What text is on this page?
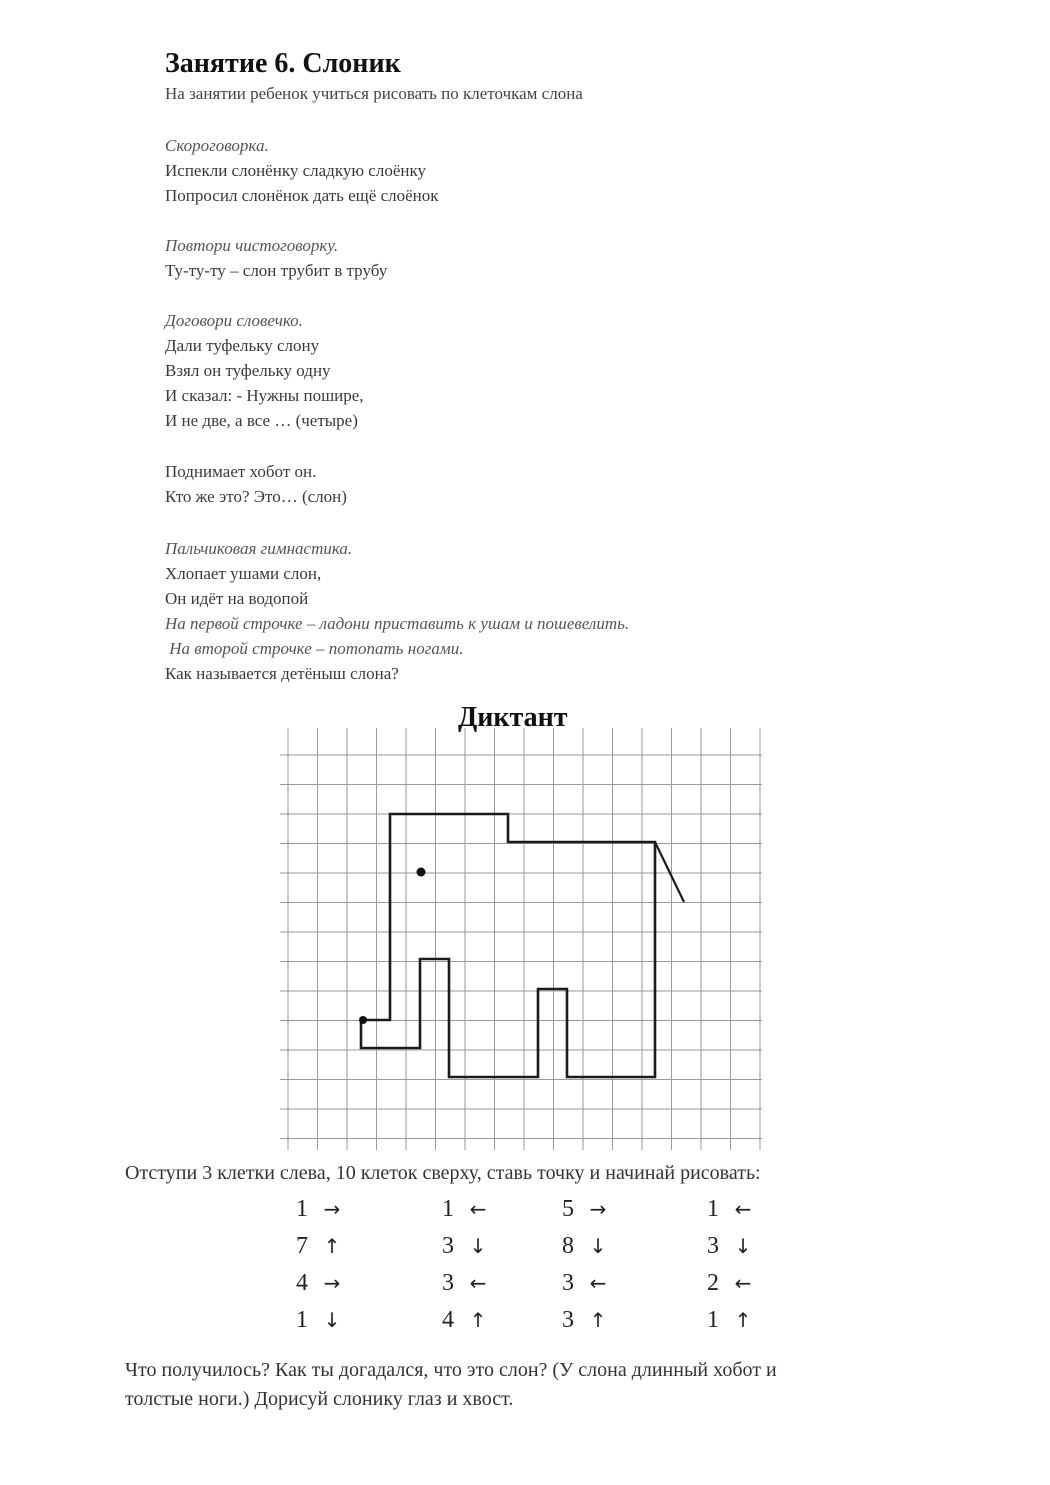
Занятие 6. Слоник
На занятии ребенок учиться рисовать по клеточкам слона
Скороговорка.
Испекли слонёнку сладкую слоёнку
Попросил слонёнок дать ещё слоёнок
Повтори чистоговорку.
Ту-ту-ту – слон трубит в трубу
Договори словечко.
Дали туфельку слону
Взял он туфельку одну
И сказал: - Нужны пошире,
И не две, а все … (четыре)
Поднимает хобот он.
Кто же это? Это… (слон)
Пальчиковая гимнастика.
Хлопает ушами слон,
Он идёт на водопой
На первой строчке – ладони приставить к ушам и пошевелить.
На второй строчке – потопать ногами.
Как называется детёныш слона?
Диктант
Отступи 3 клетки слева, 10 клеток сверху, ставь точку и начинай рисовать:
1 →
7 ↑
4 →
1 ↓
1 ←
3 ↓
3 ←
4 ↑
5 →
8 ↓
3 ←
3 ↑
1 ←
3 ↓
2 ←
1 ↑
Что получилось? Как ты догадался, что это слон? (У слона длинный хобот и
толстые ноги.) Дорисуй слонику глаз и хвост.
